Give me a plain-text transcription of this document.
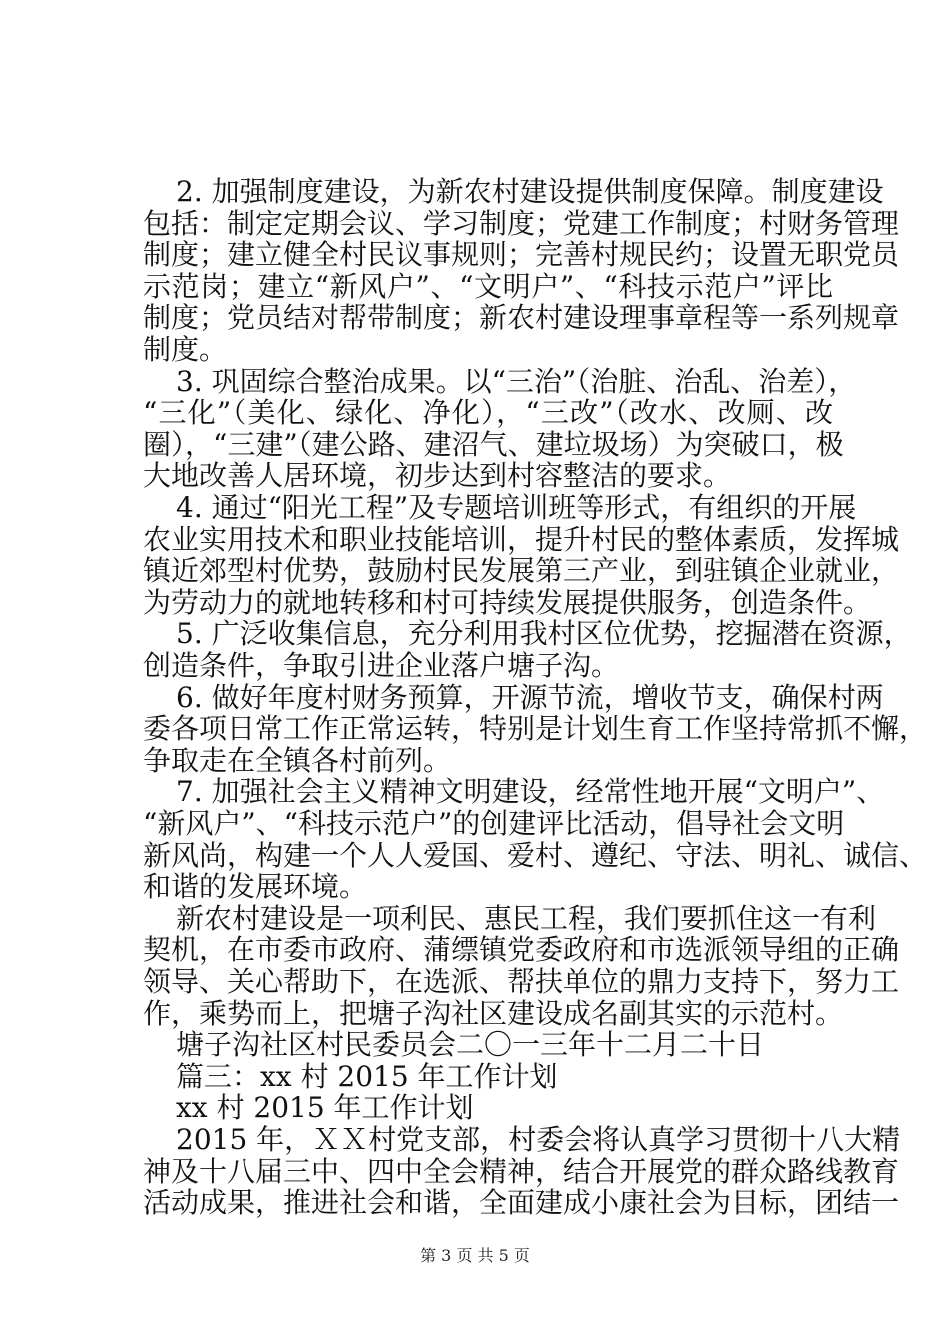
2. 加强制度建设，为新农村建设提供制度保障。制度建设
包括：制定定期会议、学习制度；党建工作制度；村财务管理
制度；建立健全村民议事规则；完善村规民约；设置无职党员
示范岗；建立“新风户”、“文明户”、“科技示范户”评比
制度；党员结对帮带制度；新农村建设理事章程等一系列规章
制度。
3. 巩固综合整治成果。以“三治”（治脏、治乱、治差），
“三化”（美化、绿化、净化），“三改”（改水、改厕、改
圈），“三建”（建公路、建沼气、建垃圾场）为突破口，极
大地改善人居环境，初步达到村容整洁的要求。
4. 通过“阳光工程”及专题培训班等形式，有组织的开展
农业实用技术和职业技能培训，提升村民的整体素质，发挥城
镇近郊型村优势，鼓励村民发展第三产业，到驻镇企业就业，
为劳动力的就地转移和村可持续发展提供服务，创造条件。
5. 广泛收集信息，充分利用我村区位优势，挖掘潜在资源，
创造条件，争取引进企业落户塘子沟。
6. 做好年度村财务预算，开源节流，增收节支，确保村两
委各项日常工作正常运转，特别是计划生育工作坚持常抓不懈，
争取走在全镇各村前列。
7. 加强社会主义精神文明建设，经常性地开展“文明户”、
“新风户”、“科技示范户”的创建评比活动，倡导社会文明
新风尚，构建一个人人爱国、爱村、遵纪、守法、明礼、诚信、
和谐的发展环境。
新农村建设是一项利民、惠民工程，我们要抓住这一有利
契机，在市委市政府、蒲缥镇党委政府和市选派领导组的正确
领导、关心帮助下，在选派、帮扶单位的鼎力支持下，努力工
作，乘势而上，把塘子沟社区建设成名副其实的示范村。
塘子沟社区村民委员会二〇一三年十二月二十日
篇三：xx 村 2015 年工作计划
xx 村 2015 年工作计划
2015 年，ＸＸ村党支部，村委会将认真学习贯彻十八大精
神及十八届三中、四中全会精神，结合开展党的群众路线教育
活动成果，推进社会和谐，全面建成小康社会为目标，团结一
第 3 页 共 5 页
